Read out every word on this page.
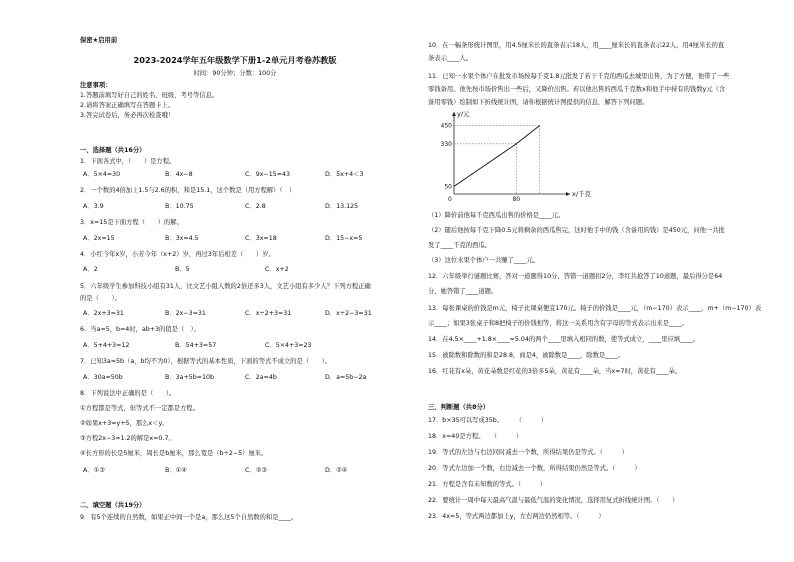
保密★启用前
2023-2024学年五年级数学下册1-2单元月考卷苏教版
时间：90分钟；分数：100分
注意事项：
1.答题前填写好自己的姓名、班级、考号等信息。
2.请将答案正确填写在答题卡上。
3.答完试卷后，务必再次检查哦！
一、选择题（共16分）
1．下面各式中，（　　）是方程。
A．5×4=30	B．4x−8	C．9x−15=43	D．5x+4＜3
2．一个数的4倍加上1.5与2.6的积，和是15.1，这个数是（用方程解）（　）
A．3.9	B．10.75	C．2.8	D．13.125
3．x=15是下面方程（　　）的解。
A．2x=15	B．3x=4.5	C．3x=18	D．15−x=5
4．小红今年x岁，小芳今年（x+2）岁，再过3年后相差（　　）岁。
A．2	B．5	C．x+2
5．六年级学生参加科技小组有31人，比文艺小组人数的2倍还多3人，文艺小组有多少人？下列方程正确
的是（　　）。
A．2x+3=31	B．2x−3=31	C．x÷2+3=31	D．x÷2−3=31
6．当a=5，b=4时，ab+3的值是（　）。
A．5+4+3=12	B．54+3=57	C．5×4+3=23
7．已知3a=5b（a，b均不为0），根据等式的基本性质，下面的等式不成立的是（　　）。
A．30a=50b	B．3a+5b=10b	C．2a=4b	D．a=5b−2a
8．下列说法中正确的是（　　）。
①方程都是等式，但等式不一定都是方程。
②如果x+3=y+5，那么x＜y。
③方程2x−3=1.2的解是x=0.7。
④长方形的长是5厘米，周长是b厘米，那么宽是（b÷2−5）厘米。
A．①③	B．①④	C．②③	D．②④
二、填空题（共19分）
9．有5个连续的自然数，如果正中间一个是a，那么这5个自然数的和是____。
10．在一幅条形统计图里，用4.5厘米长的直条表示18人，用____厘米长的直条表示22人，用4厘米长的直
条表示____人。
11．已知一水果个体户在批发市场按每千克1.8元批发了若干千克的西瓜去城里出售，为了方便，他带了一些
零钱备用。他先按市场价售出一些后，又降价出售。若以他出售的西瓜千克数x和他手中持有的钱数y元（含
备用零钱）绘制如下折线统计图，请你根据统计图提供的信息，解答下列问题。
y/元
x/千克
0
450
330
50
80
（1）降价前他每千克西瓜出售的价格是____元。
（2）随后他按每千克下降0.5元将剩余的西瓜售完，这时他手中的钱（含备用的钱）是450元，问他一共批
发了____千克的西瓜。
（3）这位水果个体户一共赚了____元。
12．六年级举行谜题比赛，答对一道题得10分，答错一道题扣2分，李红共抢答了10道题，最后得分是64
分，她答错了____道题。
13．每张课桌的价钱是m元，椅子比课桌便宜170元。椅子的价钱是____元，（m−170）表示____，m+（m−170）表
示____；如果3张桌子和8把椅子的价钱相等，将这一关系用含有字母的等式表示出来是____。
14．在4.5×____+1.8×____=5.04的两个____里填入相同的数，使等式成立，____里应填____。
15．被除数和除数的和是28.8，商是4，被除数是____，除数是____。
16．红花有x朵，黄花朵数是红花的3倍多5朵，黄花有____朵，当x=7时，黄花有____朵。
三、判断题（共8分）
17．b×35可以写成35b。　　　（　　　）
18．x=40是方程。　　（　　　）
19．等式的左边与右边同时减去一个数，所得结果仍是等式。（　　　）
20．等式左边加一个数，右边减去一个数，所得结果仍然是等式。（　　　）
21．方程是含有未知数的等式。（　　　）
22．要统计一周中每天最高气温与最低气温的变化情况，选择用复式折线统计图。（　　）
23．4x=5，等式两边都加上y，左右两边仍然相等。（　　　）
